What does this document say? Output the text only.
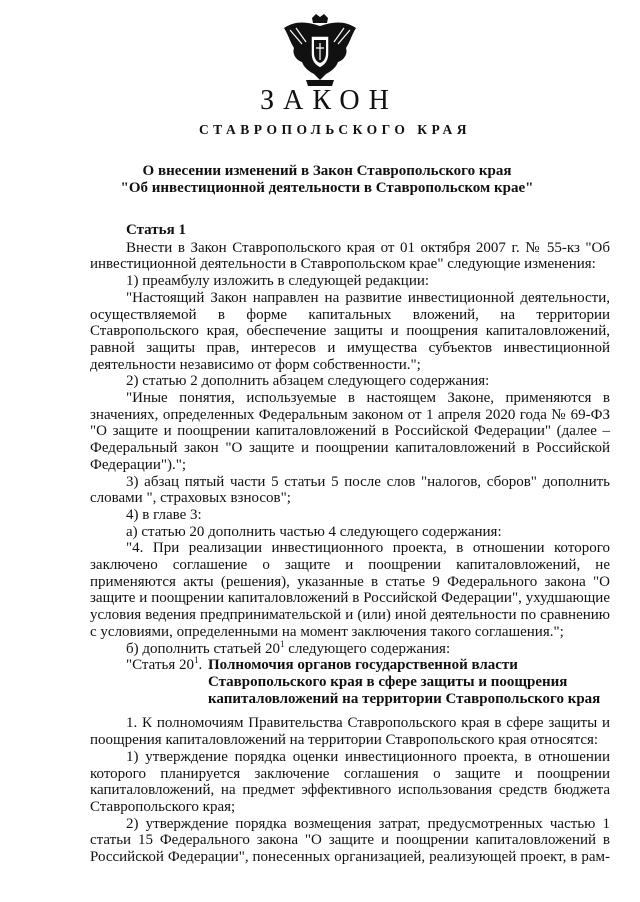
ЗАКОН
СТАВРОПОЛЬСКОГО КРАЯ
О внесении изменений в Закон Ставропольского края
"Об инвестиционной деятельности в Ставропольском крае"

Статья 1

Внести в Закон Ставропольского края от 01 октября 2007 г. № 55-кз "Об инвестиционной деятельности в Ставропольском крае" следующие изменения:

1) преамбулу изложить в следующей редакции:

"Настоящий Закон направлен на развитие инвестиционной деятельности, осуществляемой в форме капитальных вложений, на территории Ставропольского края, обеспечение защиты и поощрения капиталовложений, равной защиты прав, интересов и имущества субъектов инвестиционной деятельности независимо от форм собственности.";

2) статью 2 дополнить абзацем следующего содержания:

"Иные понятия, используемые в настоящем Законе, применяются в значениях, определенных Федеральным законом от 1 апреля 2020 года № 69-ФЗ "О защите и поощрении капиталовложений в Российской Федерации" (далее – Федеральный закон "О защите и поощрении капиталовложений в Российской Федерации").";

3) абзац пятый части 5 статьи 5 после слов "налогов, сборов" дополнить словами ", страховых взносов";

4) в главе 3:

а) статью 20 дополнить частью 4 следующего содержания:

"4. При реализации инвестиционного проекта, в отношении которого заключено соглашение о защите и поощрении капиталовложений, не применяются акты (решения), указанные в статье 9 Федерального закона "О защите и поощрении капиталовложений в Российской Федерации", ухудшающие условия ведения предпринимательской и (или) иной деятельности по сравнению с условиями, определенными на момент заключения такого соглашения.";

б) дополнить статьей $20^1$ следующего содержания:

"Статья $20^1$. Полномочия органов государственной власти
Ставропольского края в сфере защиты и поощрения
капиталовложений на территории Ставропольского края

1. К полномочиям Правительства Ставропольского края в сфере защиты и поощрения капиталовложений на территории Ставропольского края относятся:

1) утверждение порядка оценки инвестиционного проекта, в отношении которого планируется заключение соглашения о защите и поощрении капиталовложений, на предмет эффективного использования средств бюджета Ставропольского края;

2) утверждение порядка возмещения затрат, предусмотренных частью 1 статьи 15 Федерального закона "О защите и поощрении капиталовложений в Российской Федерации", понесенных организацией, реализующей проект, в рам-
